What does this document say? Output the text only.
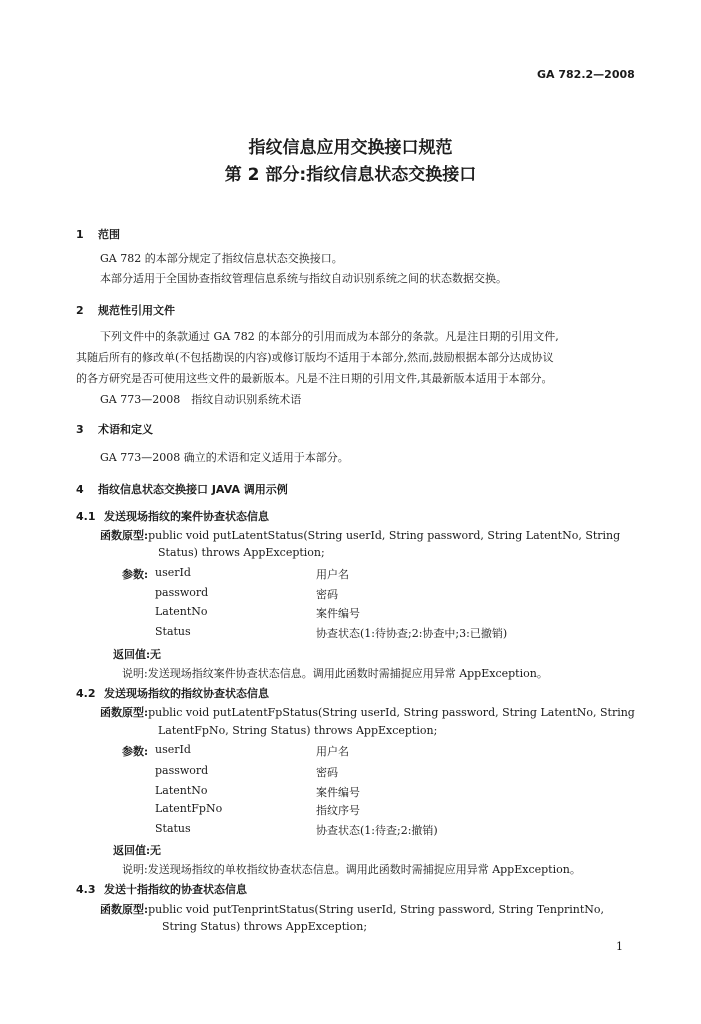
GA 782.2—2008
指纹信息应用交换接口规范
第 2 部分:指纹信息状态交换接口
1 范围
GA 782 的本部分规定了指纹信息状态交换接口。
本部分适用于全国协查指纹管理信息系统与指纹自动识别系统之间的状态数据交换。
2 规范性引用文件
下列文件中的条款通过 GA 782 的本部分的引用而成为本部分的条款。凡是注日期的引用文件,
其随后所有的修改单(不包括勘误的内容)或修订版均不适用于本部分,然而,鼓励根据本部分达成协议
的各方研究是否可使用这些文件的最新版本。凡是不注日期的引用文件,其最新版本适用于本部分。
GA 773—2008　指纹自动识别系统术语
3 术语和定义
GA 773—2008 确立的术语和定义适用于本部分。
4 指纹信息状态交换接口 JAVA 调用示例
4.1 发送现场指纹的案件协查状态信息
函数原型:public void putLatentStatus(String userId, String password, String LatentNo, String
Status) throws AppException;
参数: userId	用户名
password	密码
LatentNo	案件编号
Status	协查状态(1:待协查;2:协查中;3:已撤销)
返回值:无
说明:发送现场指纹案件协查状态信息。调用此函数时需捕捉应用异常 AppException。
4.2 发送现场指纹的指纹协查状态信息
函数原型:public void putLatentFpStatus(String userId, String password, String LatentNo, String
LatentFpNo, String Status) throws AppException;
参数: userId	用户名
password	密码
LatentNo	案件编号
LatentFpNo	指纹序号
Status	协查状态(1:待查;2:撤销)
返回值:无
说明:发送现场指纹的单枚指纹协查状态信息。调用此函数时需捕捉应用异常 AppException。
4.3 发送十指指纹的协查状态信息
函数原型:public void putTenprintStatus(String userId, String password, String TenprintNo,
String Status) throws AppException;
1
